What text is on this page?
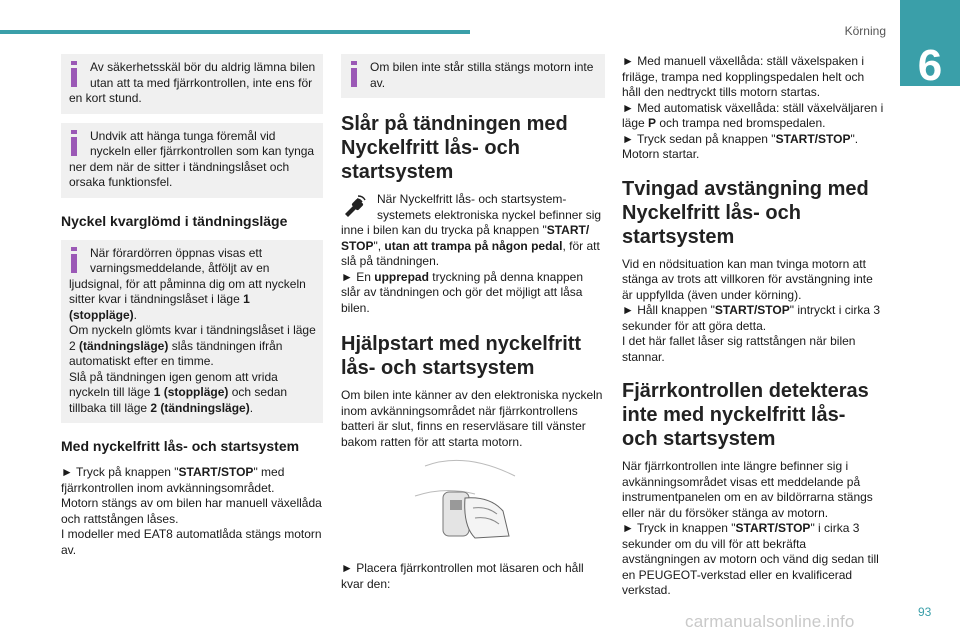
Körning
6

Av säkerhetsskäl bör du aldrig lämna bilen utan att ta med fjärrkontrollen, inte ens för en kort stund.

Undvik att hänga tunga föremål vid nyckeln eller fjärrkontrollen som kan tynga ner dem när de sitter i tändningslåset och orsaka funktionsfel.

Nyckel kvarglömd i tändningsläge

När förardörren öppnas visas ett varningsmeddelande, åtföljt av en ljudsignal, för att påminna dig om att nyckeln sitter kvar i tändningslåset i läge 1 (stoppläge).

Om nyckeln glömts kvar i tändningslåset i läge 2 (tändningsläge) slås tändningen ifrån automatiskt efter en timme.

Slå på tändningen igen genom att vrida nyckeln till läge 1 (stoppläge) och sedan tillbaka till läge 2 (tändningsläge).

Med nyckelfritt lås- och startsystem

► Tryck på knappen "START/STOP" med fjärrkontrollen inom avkänningsområdet.

Motorn stängs av om bilen har manuell växellåda och rattstången låses.

I modeller med EAT8 automatlåda stängs motorn av.

Om bilen inte står stilla stängs motorn inte av.

Slår på tändningen med Nyckelfritt lås- och startsystem

När Nyckelfritt lås- och startsystem-systemets elektroniska nyckel befinner sig inne i bilen kan du trycka på knappen "START/ STOP", utan att trampa på någon pedal, för att slå på tändningen.

► En upprepad tryckning på denna knappen slår av tändningen och gör det möjligt att låsa bilen.

Hjälpstart med nyckelfritt lås- och startsystem

Om bilen inte känner av den elektroniska nyckeln inom avkänningsområdet när fjärrkontrollens batteri är slut, finns en reservläsare till vänster bakom ratten för att starta motorn.

► Placera fjärrkontrollen mot läsaren och håll kvar den:

► Med manuell växellåda: ställ växelspaken i friläge, trampa ned kopplingspedalen helt och håll den nedtryckt tills motorn startas.

► Med automatisk växellåda: ställ växelväljaren i läge P och trampa ned bromspedalen.

► Tryck sedan på knappen "START/STOP".

Motorn startar.

Tvingad avstängning med Nyckelfritt lås- och startsystem

Vid en nödsituation kan man tvinga motorn att stänga av trots att villkoren för avstängning inte är uppfyllda (även under körning).

► Håll knappen "START/STOP" intryckt i cirka 3 sekunder för att göra detta.

I det här fallet låser sig rattstången när bilen stannar.

Fjärrkontrollen detekteras inte med nyckelfritt lås- och startsystem

När fjärrkontrollen inte längre befinner sig i avkänningsområdet visas ett meddelande på instrumentpanelen om en av bildörrarna stängs eller när du försöker stänga av motorn.

► Tryck in knappen "START/STOP" i cirka 3 sekunder om du vill för att bekräfta avstängningen av motorn och vänd dig sedan till en PEUGEOT-verkstad eller en kvalificerad verkstad.

carmanualsonline.info	93
